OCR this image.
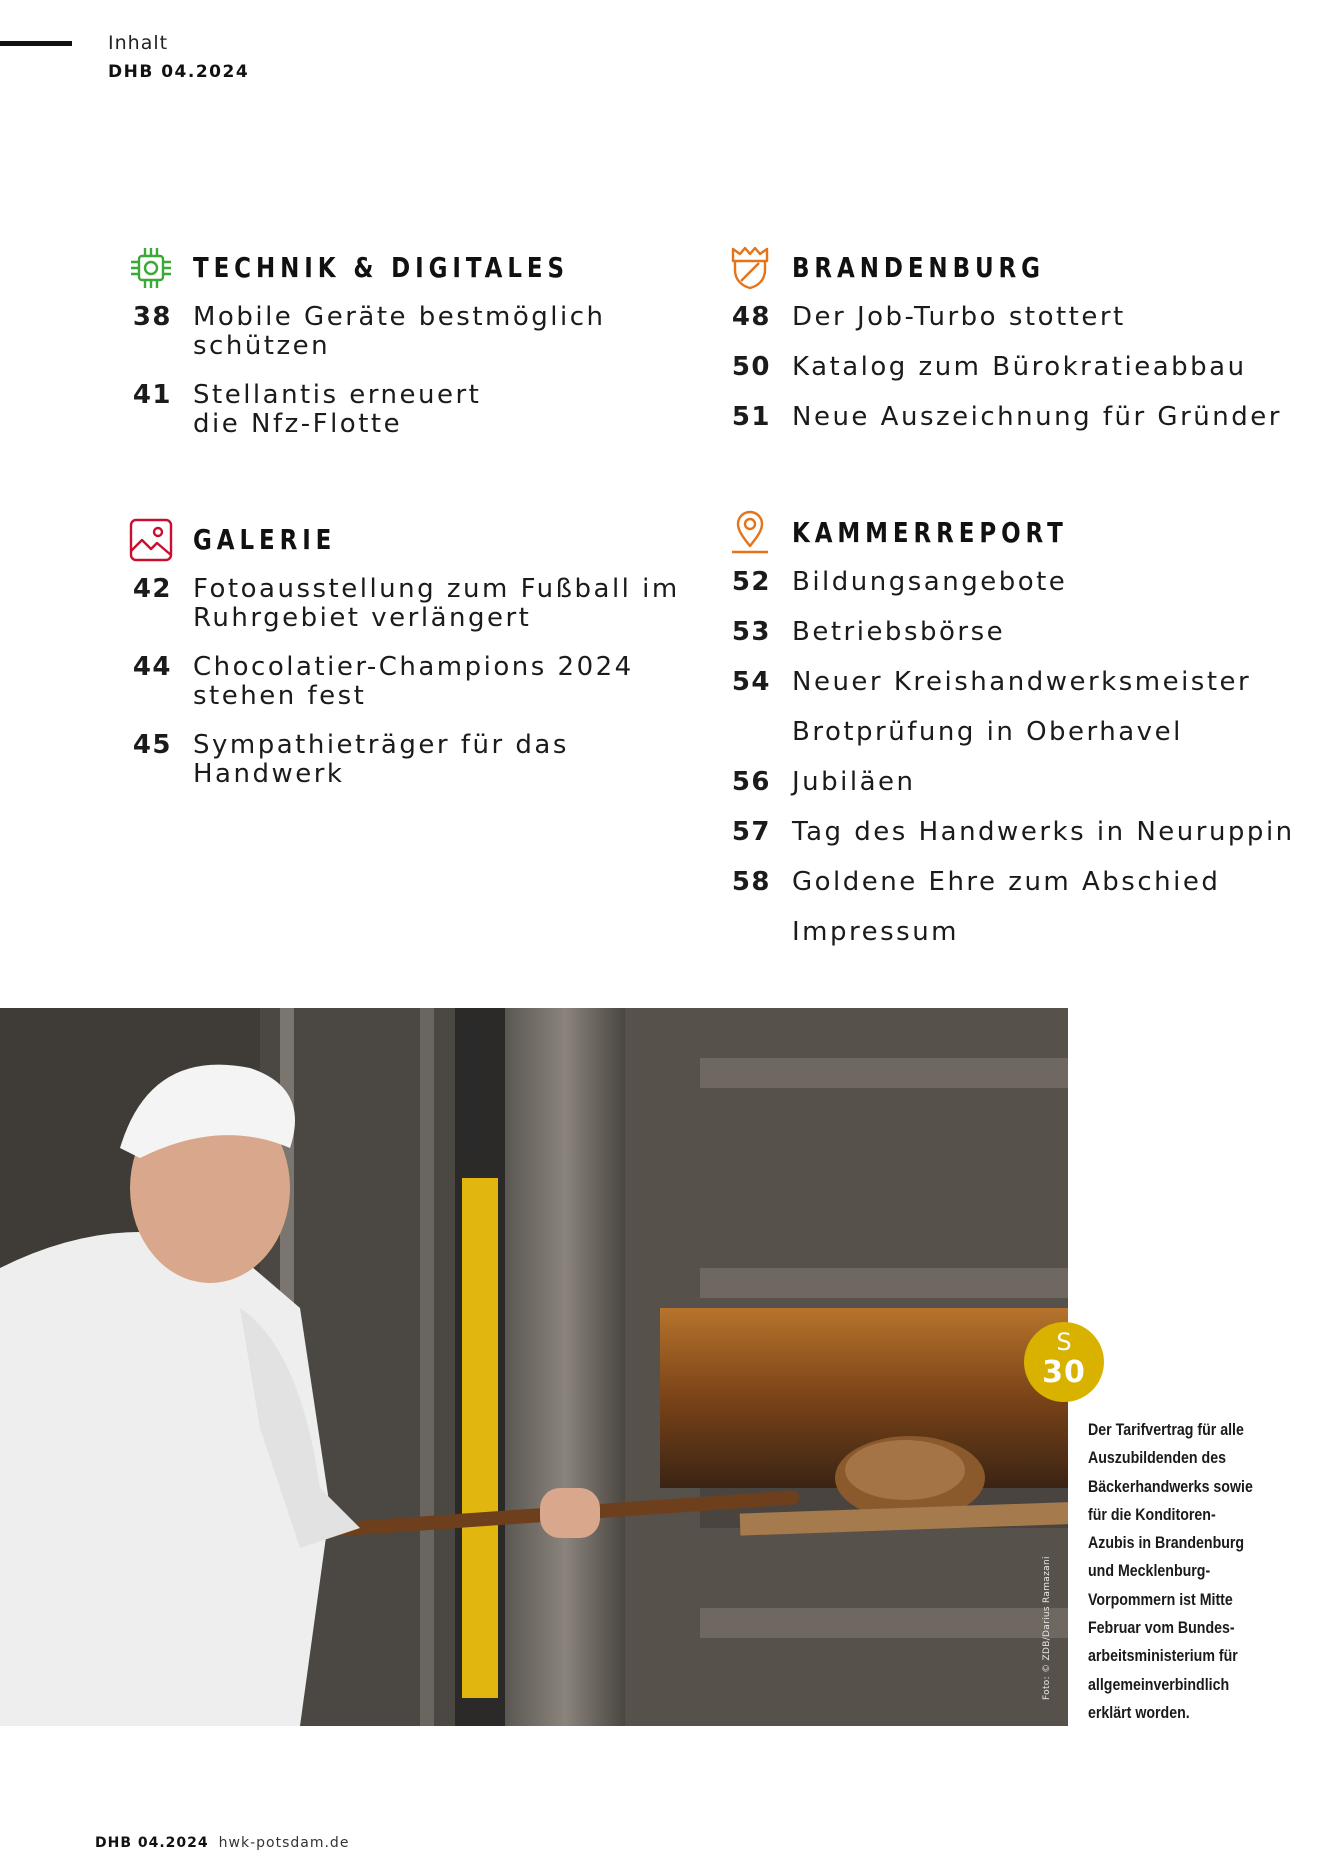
Inhalt
DHB 04.2024
TECHNIK & DIGITALES
38 Mobile Geräte bestmöglich schützen
41 Stellantis erneuert die Nfz-Flotte
GALERIE
42 Fotoausstellung zum Fußball im Ruhrgebiet verlängert
44 Chocolatier-Champions 2024 stehen fest
45 Sympathieträger für das Handwerk
BRANDENBURG
48 Der Job-Turbo stottert
50 Katalog zum Bürokratieabbau
51 Neue Auszeichnung für Gründer
KAMMERREPORT
52 Bildungsangebote
53 Betriebsbörse
54 Neuer Kreishandwerksmeister
Brotprüfung in Oberhavel
56 Jubiläen
57 Tag des Handwerks in Neuruppin
58 Goldene Ehre zum Abschied
Impressum
Foto: © ZDB/Darius Ramazani
S
30
Der Tarifvertrag für alle Auszubildenden des Bäckerhandwerks sowie für die Konditoren-Azubis in Brandenburg und Mecklenburg-Vorpommern ist Mitte Februar vom Bundes-arbeitsministerium für allgemeinverbindlich erklärt worden.
DHB 04.2024 hwk-potsdam.de
